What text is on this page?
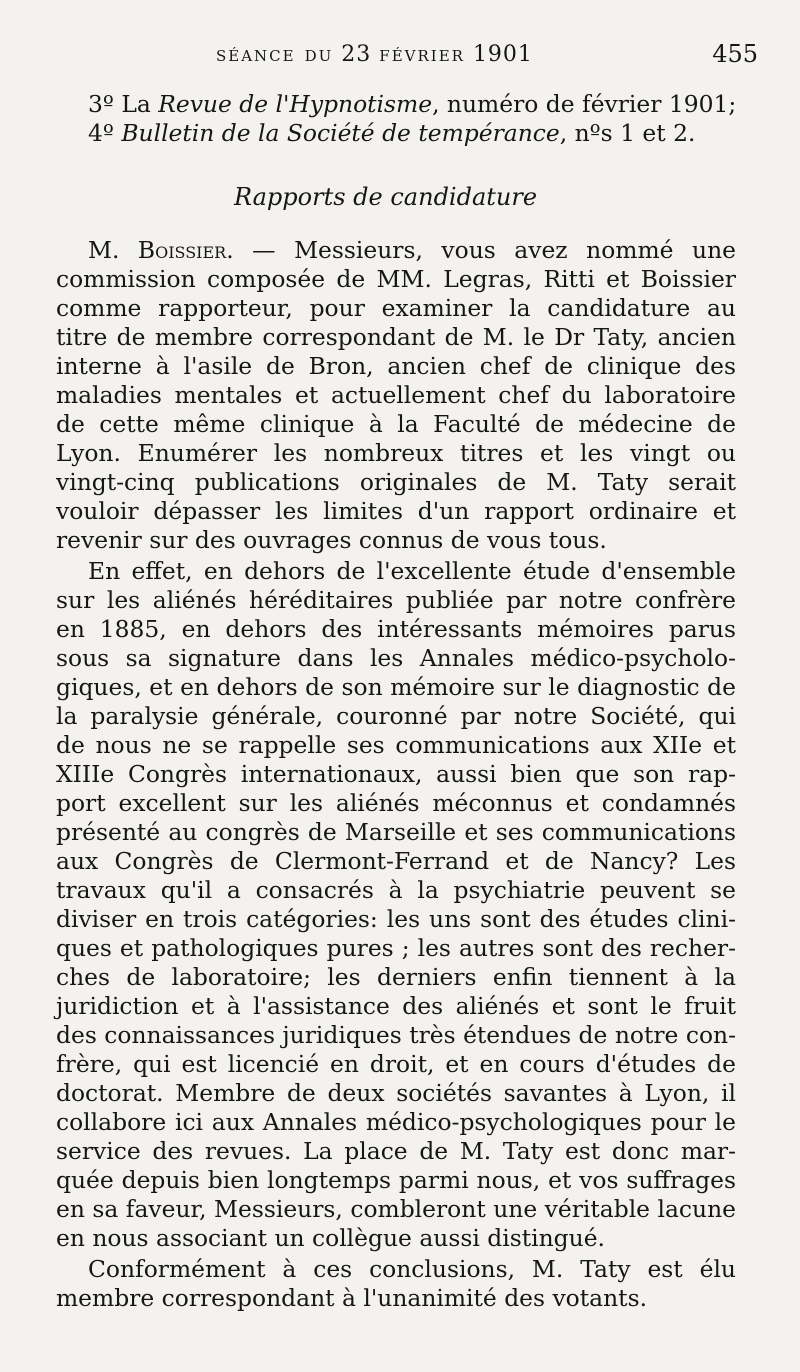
séance du 23 février 1901	455
3º La Revue de l'Hypnotisme, numéro de février 1901;
4º Bulletin de la Société de tempérance, nºs 1 et 2.
Rapports de candidature
M. Boissier. — Messieurs, vous avez nommé une
commission composée de MM. Legras, Ritti et Boissier
comme rapporteur, pour examiner la candidature au
titre de membre correspondant de M. le Dr Taty, ancien
interne à l'asile de Bron, ancien chef de clinique des
maladies mentales et actuellement chef du laboratoire
de cette même clinique à la Faculté de médecine de
Lyon. Enumérer les nombreux titres et les vingt ou
vingt-cinq publications originales de M. Taty serait
vouloir dépasser les limites d'un rapport ordinaire et
revenir sur des ouvrages connus de vous tous.
En effet, en dehors de l'excellente étude d'ensemble
sur les aliénés héréditaires publiée par notre confrère
en 1885, en dehors des intéressants mémoires parus
sous sa signature dans les Annales médico-psycholo-
giques, et en dehors de son mémoire sur le diagnostic de
la paralysie générale, couronné par notre Société, qui
de nous ne se rappelle ses communications aux XIIe et
XIIIe Congrès internationaux, aussi bien que son rap-
port excellent sur les aliénés méconnus et condamnés
présenté au congrès de Marseille et ses communications
aux Congrès de Clermont-Ferrand et de Nancy? Les
travaux qu'il a consacrés à la psychiatrie peuvent se
diviser en trois catégories: les uns sont des études clini-
ques et pathologiques pures ; les autres sont des recher-
ches de laboratoire; les derniers enfin tiennent à la
juridiction et à l'assistance des aliénés et sont le fruit
des connaissances juridiques très étendues de notre con-
frère, qui est licencié en droit, et en cours d'études de
doctorat. Membre de deux sociétés savantes à Lyon, il
collabore ici aux Annales médico-psychologiques pour le
service des revues. La place de M. Taty est donc mar-
quée depuis bien longtemps parmi nous, et vos suffrages
en sa faveur, Messieurs, combleront une véritable lacune
en nous associant un collègue aussi distingué.
Conformément à ces conclusions, M. Taty est élu
membre correspondant à l'unanimité des votants.
